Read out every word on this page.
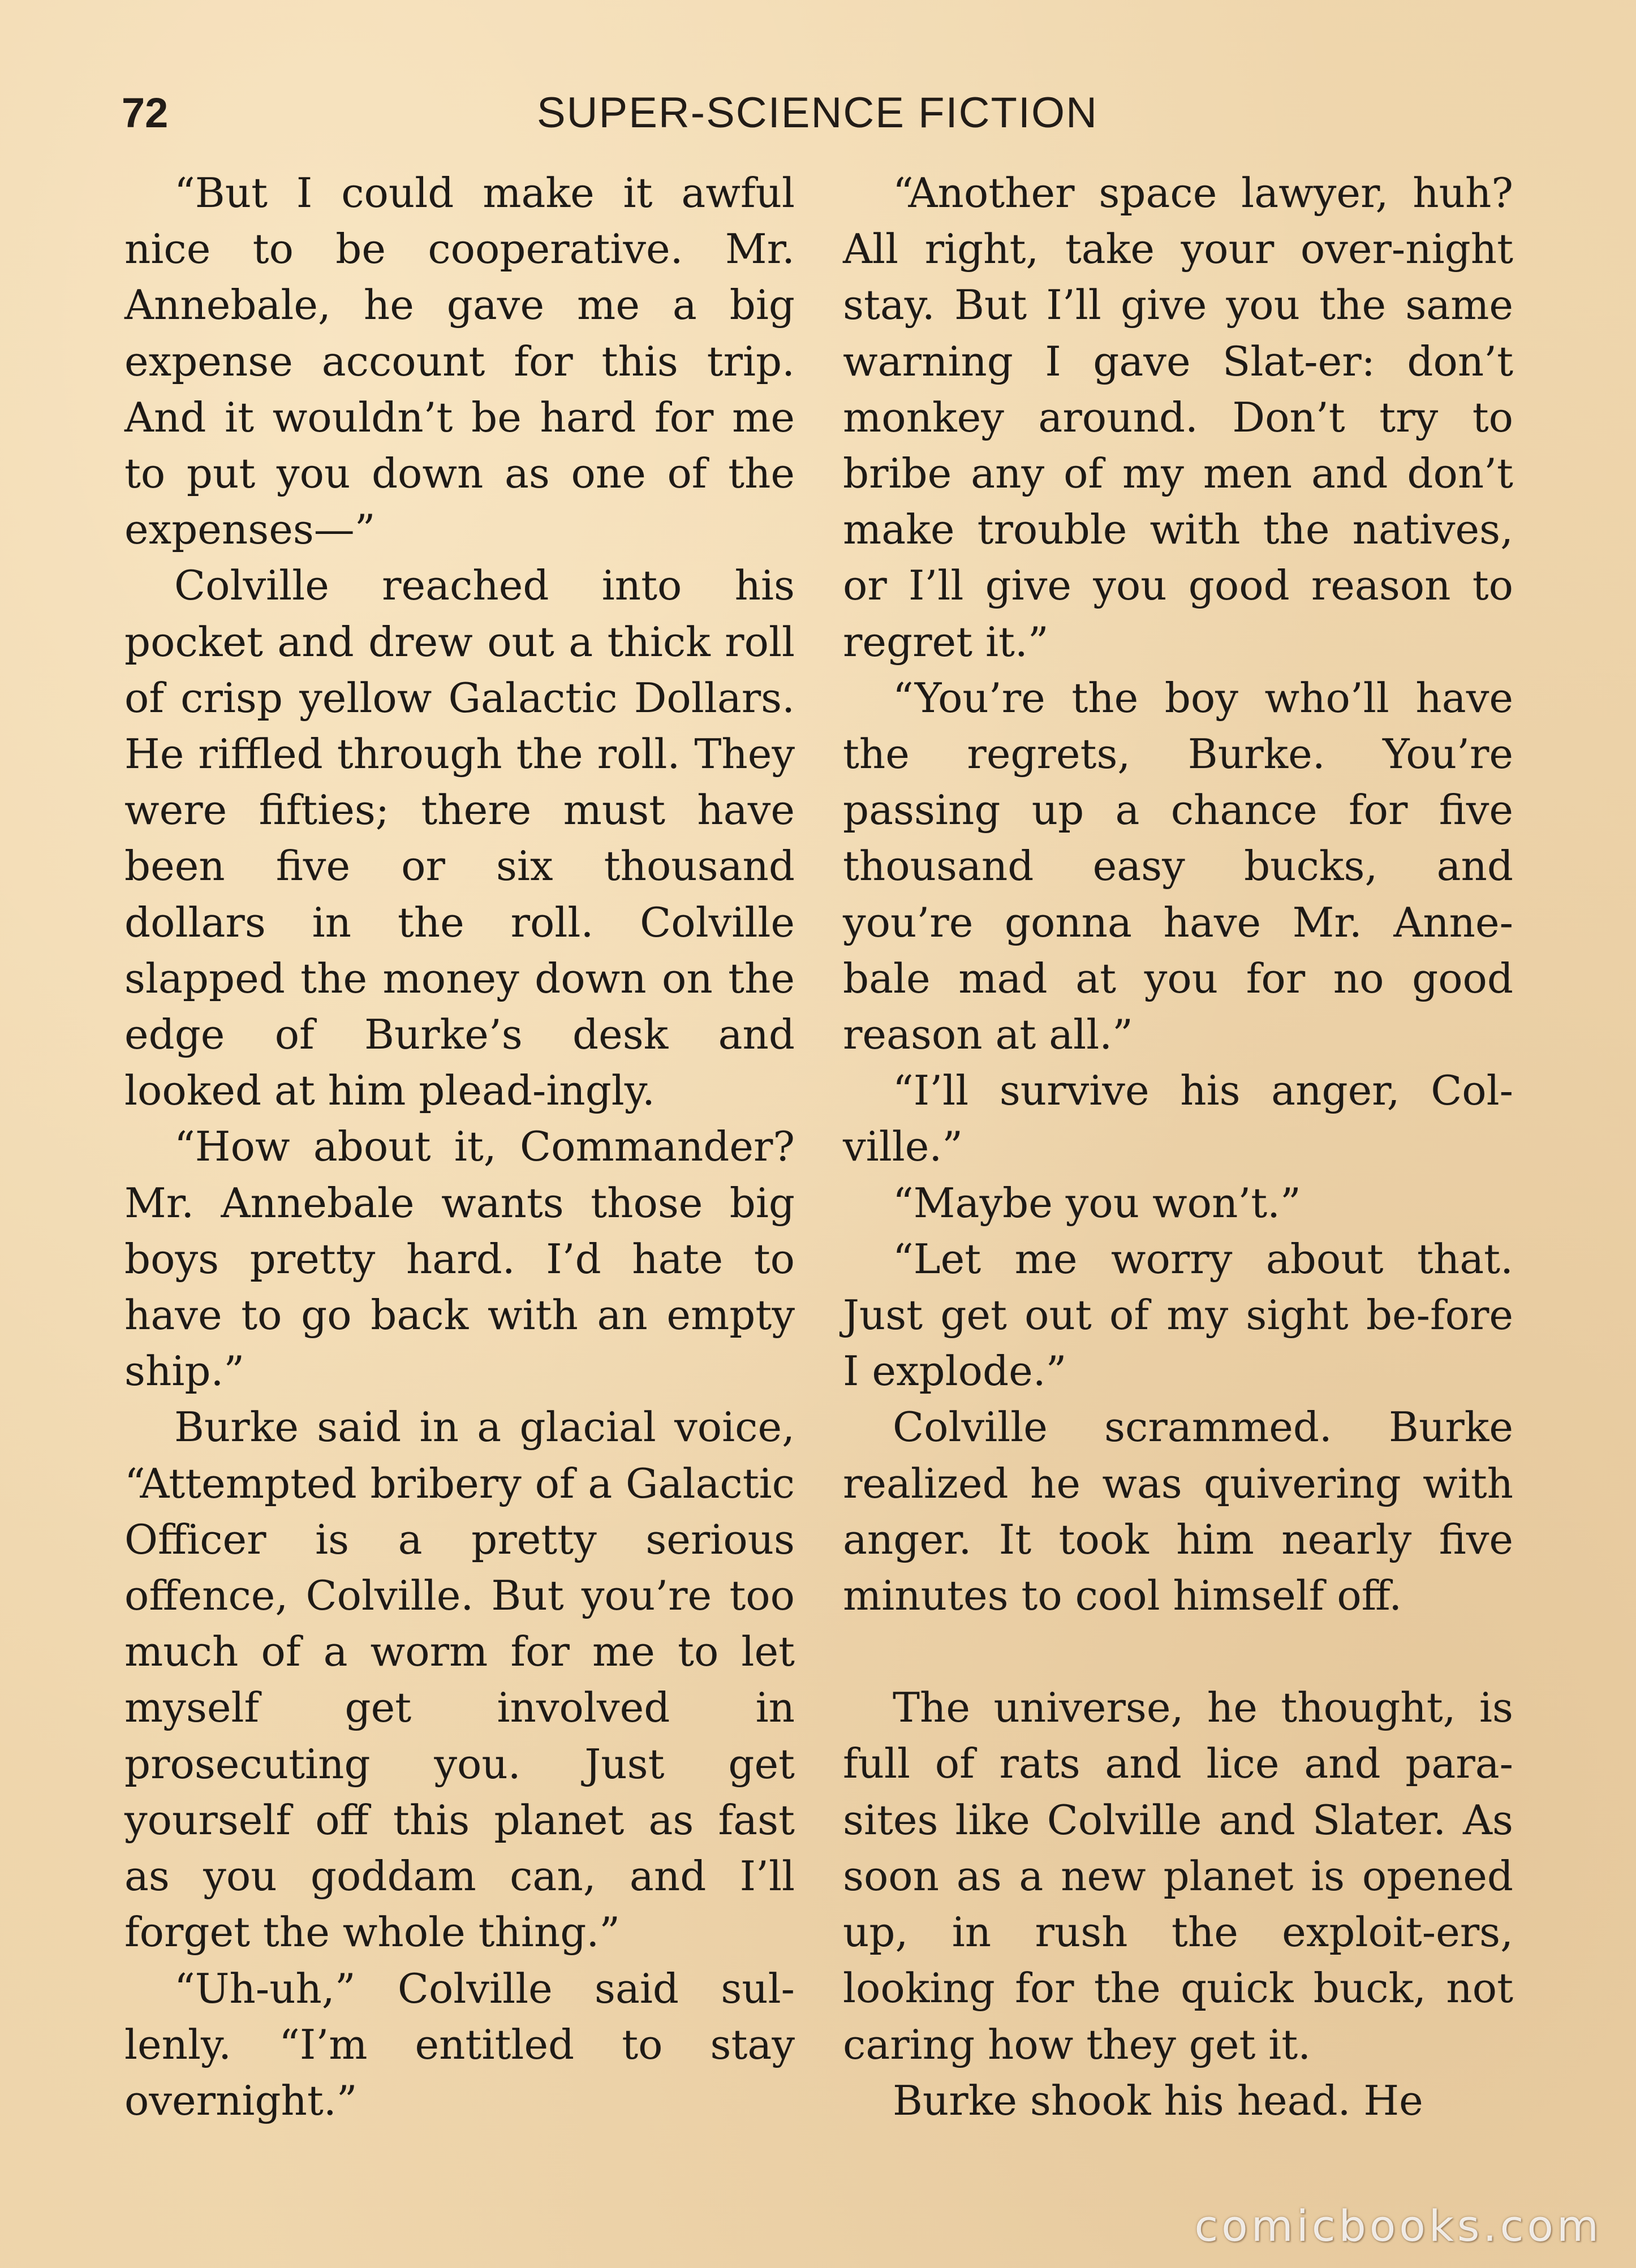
72	SUPER-SCIENCE FICTION

“But I could make it awful nice to be cooperative. Mr. Annebale, he gave me a big expense account for this trip. And it wouldn’t be hard for me to put you down as one of the expenses—”

Colville reached into his pocket and drew out a thick roll of crisp yellow Galactic Dollars. He riffled through the roll. They were fifties; there must have been five or six thousand dollars in the roll. Colville slapped the money down on the edge of Burke’s desk and looked at him plead-ingly.

“How about it, Commander? Mr. Annebale wants those big boys pretty hard. I’d hate to have to go back with an empty ship.”

Burke said in a glacial voice, “Attempted bribery of a Galactic Officer is a pretty serious offence, Colville. But you’re too much of a worm for me to let myself get involved in prosecuting you. Just get yourself off this planet as fast as you goddam can, and I’ll forget the whole thing.”

“Uh-uh,” Colville said sul-lenly. “I’m entitled to stay overnight.”

“Another space lawyer, huh? All right, take your over-night stay. But I’ll give you the same warning I gave Slat-er: don’t monkey around. Don’t try to bribe any of my men and don’t make trouble with the natives, or I’ll give you good reason to regret it.”

“You’re the boy who’ll have the regrets, Burke. You’re passing up a chance for five thousand easy bucks, and you’re gonna have Mr. Anne-bale mad at you for no good reason at all.”

“I’ll survive his anger, Col-ville.”

“Maybe you won’t.”

“Let me worry about that. Just get out of my sight be-fore I explode.”

Colville scrammed. Burke realized he was quivering with anger. It took him nearly five minutes to cool himself off.

The universe, he thought, is full of rats and lice and para-sites like Colville and Slater. As soon as a new planet is opened up, in rush the exploit-ers, looking for the quick buck, not caring how they get it.

Burke shook his head. He

comicbooks.com
